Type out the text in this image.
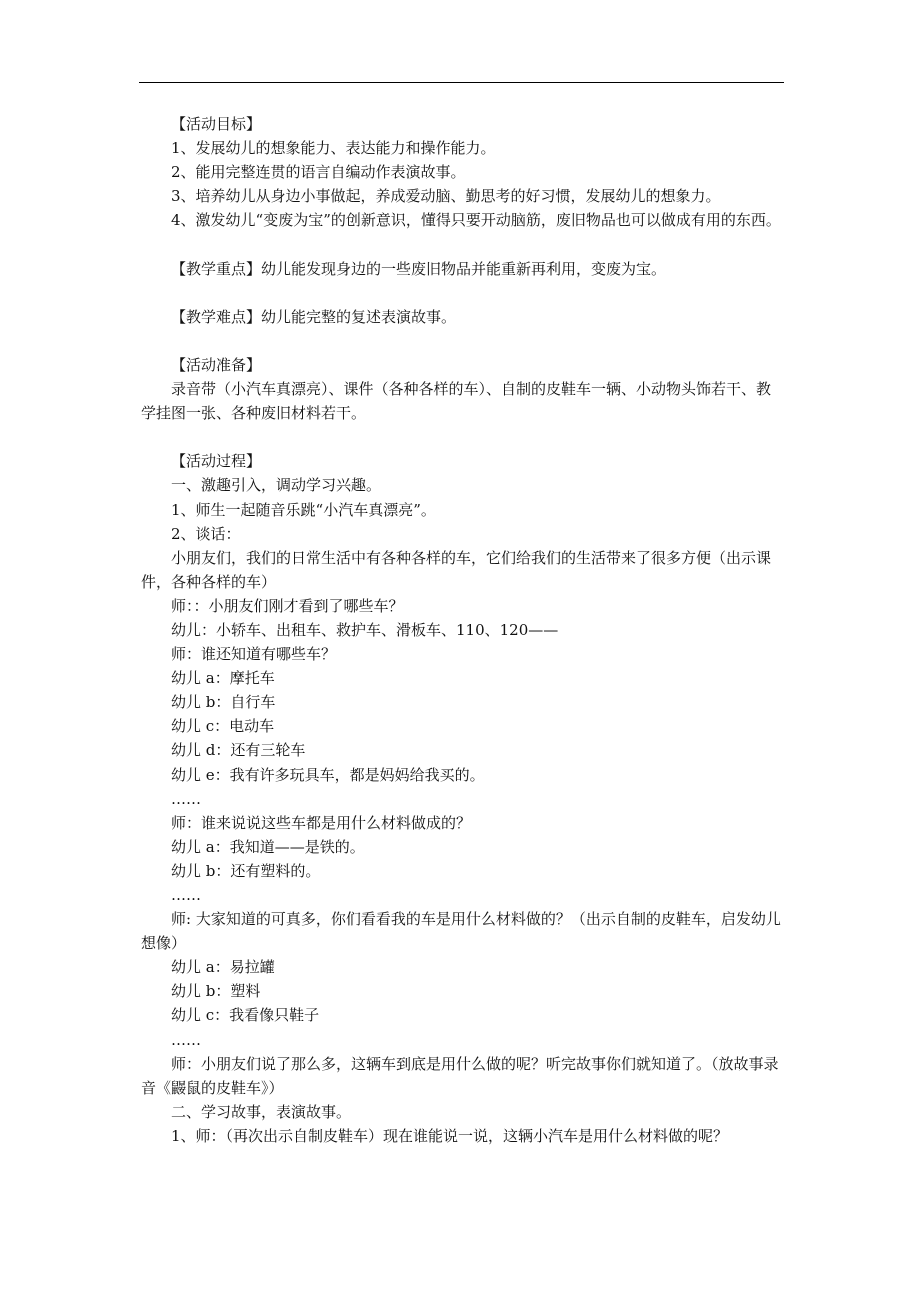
【活动目标】

1、发展幼儿的想象能力、表达能力和操作能力。

2、能用完整连贯的语言自编动作表演故事。

3、培养幼儿从身边小事做起，养成爱动脑、勤思考的好习惯，发展幼儿的想象力。

4、激发幼儿“变废为宝”的创新意识，懂得只要开动脑筋，废旧物品也可以做成有用的东西。

【教学重点】幼儿能发现身边的一些废旧物品并能重新再利用，变废为宝。

【教学难点】幼儿能完整的复述表演故事。

【活动准备】

录音带（小汽车真漂亮）、课件（各种各样的车）、自制的皮鞋车一辆、小动物头饰若干、教学挂图一张、各种废旧材料若干。

【活动过程】

一、激趣引入，调动学习兴趣。

1、师生一起随音乐跳“小汽车真漂亮”。

2、谈话：

小朋友们，我们的日常生活中有各种各样的车，它们给我们的生活带来了很多方便（出示课件，各种各样的车）

师：：小朋友们刚才看到了哪些车？

幼儿：小轿车、出租车、救护车、滑板车、110、120——

师：谁还知道有哪些车？

幼儿 a：摩托车

幼儿 b：自行车

幼儿 c：电动车

幼儿 d：还有三轮车

幼儿 e：我有许多玩具车，都是妈妈给我买的。

……

师：谁来说说这些车都是用什么材料做成的？

幼儿 a：我知道——是铁的。

幼儿 b：还有塑料的。

……

师: 大家知道的可真多，你们看看我的车是用什么材料做的？（出示自制的皮鞋车，启发幼儿想像）

幼儿 a：易拉罐

幼儿 b：塑料

幼儿 c：我看像只鞋子

……

师：小朋友们说了那么多，这辆车到底是用什么做的呢？听完故事你们就知道了。（放故事录音《鼹鼠的皮鞋车》）

二、学习故事，表演故事。

1、师：（再次出示自制皮鞋车）现在谁能说一说，这辆小汽车是用什么材料做的呢？
